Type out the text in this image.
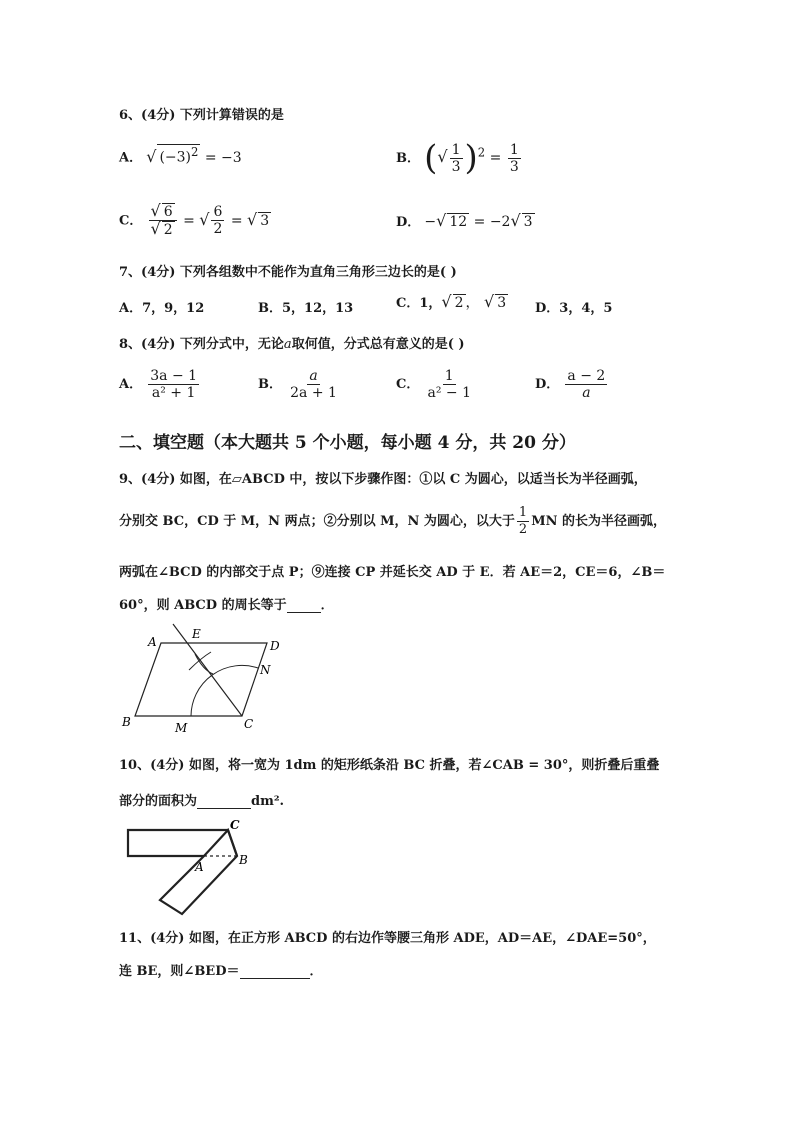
6、(4分) 下列计算错误的是
A． √ $(-3)^2 = -3$	B． (√ $\frac{1}{3} )^2 = \frac{1}{3}$
C． $\frac{√ 6}{√ 2}$ = √ $\frac{6}{2}$ = √ 3	D． −√ 12 = −2√ 3
7、(4分) 下列各组数中不能作为直角三角形三边长的是( )
A．7，9，12	B．5，12，13	C．1，√ 2 ， √ 3 D．3，4，5
8、(4分) 下列分式中，无论a取何值，分式总有意义的是( )
A． $\frac{3a - 1}{\text{a² + 1}}$	B． $\frac{a}{2a + 1}$	C． $\frac{1}{\text{a² − 1}}$	D． $\frac{a - 2}{a}$
二、填空题（本大题共 5 个小题，每小题 4 分，共 20 分）
9、(4分) 如图，在▱ABCD 中，按以下步骤作图：①以 C 为圆心，以适当长为半径画弧，
分别交 BC，CD 于 M，N 两点；②分别以 M，N 为圆心，以大于 $\frac{1}{2}$ MN 的长为半径画弧，
两弧在∠BCD 的内部交于点 P；⑨连接 CP 并延长交 AD 于 E．若 AE＝2，CE＝6，∠B＝
60°，则 ABCD 的周长等于	．
A
E
D
N
B	M	C
10、(4分) 如图，将一宽为 1dm 的矩形纸条沿 BC 折叠，若∠CAB = 30°，则折叠后重叠
部分的面积为	dm².
C
A	B
11、(4分) 如图，在正方形 ABCD 的右边作等腰三角形 ADE，AD＝AE，∠DAE=50°，
连 BE，则∠BED＝	．
